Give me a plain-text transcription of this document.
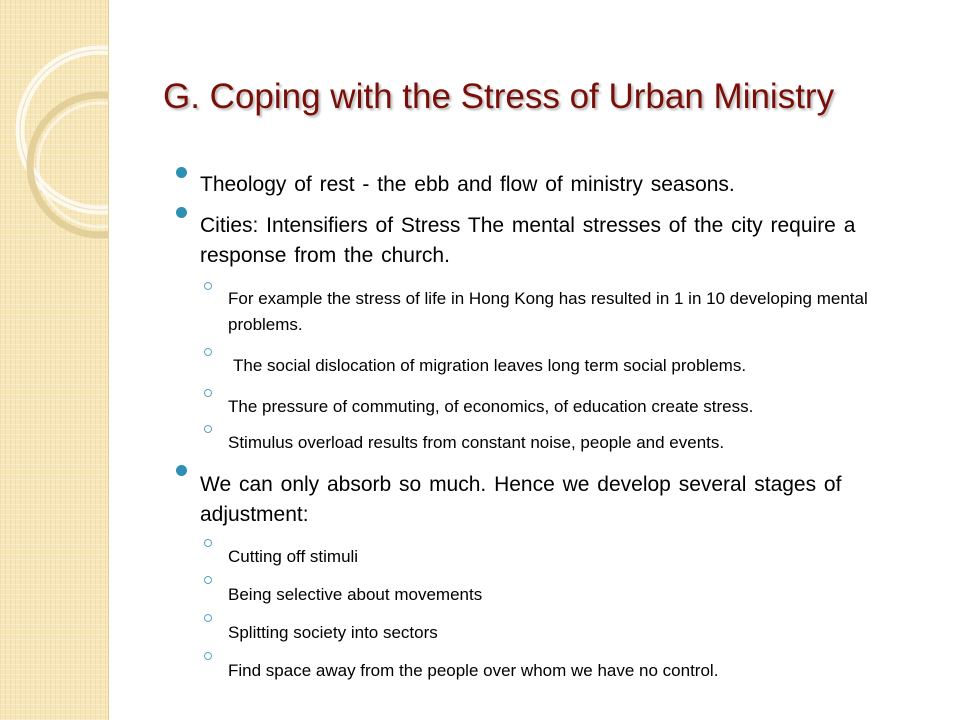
G. Coping with the Stress of Urban Ministry

Theology of rest - the ebb and flow of ministry seasons.

Cities: Intensifiers of Stress The mental stresses of the city require a response from the church.

For example the stress of life in Hong Kong has resulted in 1 in 10 developing mental problems.

The social dislocation of migration leaves long term social problems.

The pressure of commuting, of economics, of education create stress.

Stimulus overload results from constant noise, people and events.

We can only absorb so much. Hence we develop several stages of adjustment:

Cutting off stimuli

Being selective about movements

Splitting society into sectors

Find space away from the people over whom we have no control.
